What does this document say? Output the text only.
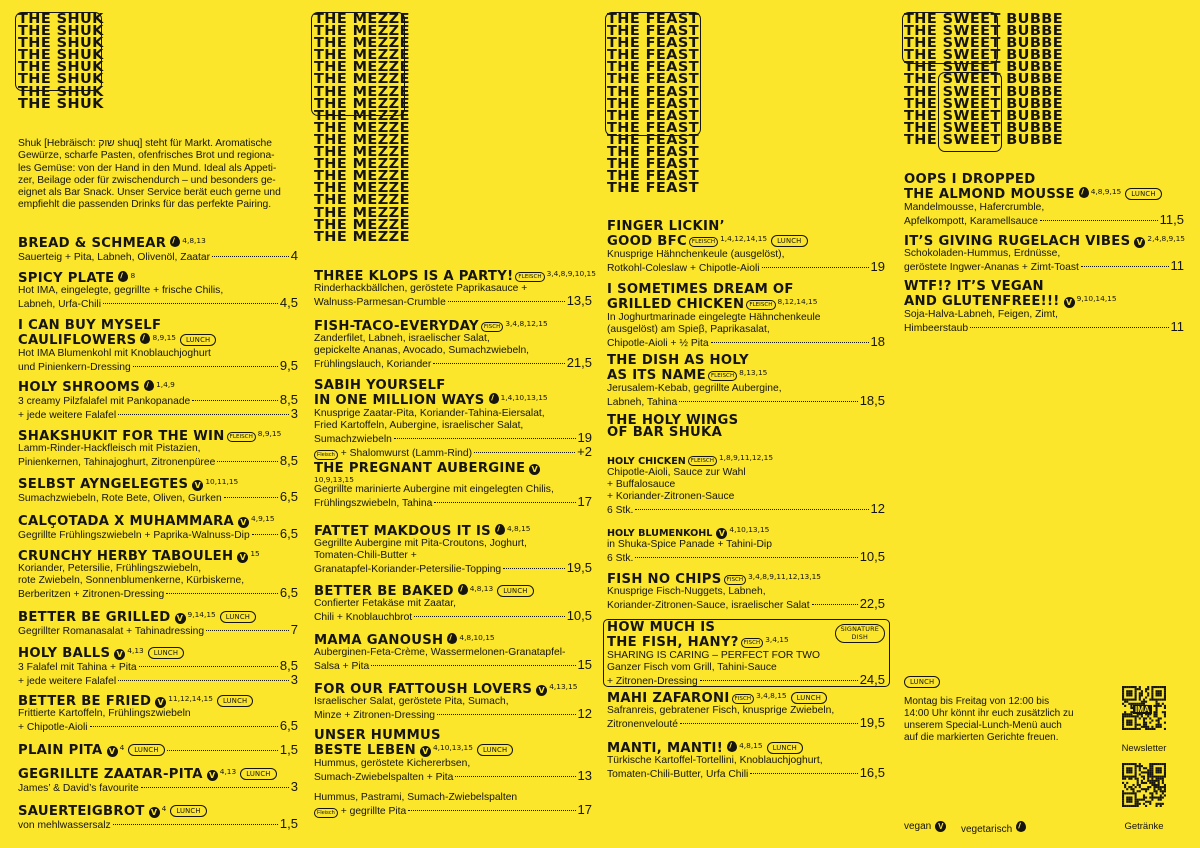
THE SHUK
THE SHUK
THE SHUK
THE SHUK
THE SHUK
THE SHUK
THE SHUK
THE SHUK
Shuk [Hebräisch: שוק shuq] steht für Markt. Aromatische
Gewürze, scharfe Pasten, ofenfrisches Brot und regiona-
les Gemüse: von der Hand in den Mund. Ideal als Appeti-
zer, Beilage oder für zwischendurch – und besonders ge-
eignet als Bar Snack. Unser Service berät euch gerne und
empfiehlt die passenden Drinks für das perfekte Pairing.
BREAD & SCHMEAR $^{4,8,13}$
Sauerteig + Pita, Labneh, Olivenöl, Zaatar	4
SPICY PLATE $^8$
Hot IMA, eingelegte, gegrillte + frische Chilis,
Labneh, Urfa-Chili	4,5
I CAN BUY MYSELF
CAULIFLOWERS $^{8,9,15}$ LUNCH
Hot IMA Blumenkohl mit Knoblauchjoghurt
und Pinienkern-Dressing	9,5
HOLY SHROOMS $^{1,4,9}$
3 creamy Pilzfalafel mit Pankopanade	8,5
+ jede weitere Falafel	3
SHAKSHUKIT FOR THE WIN FLEISCH $^{8,9,15}$
Lamm-Rinder-Hackfleisch mit Pistazien,
Pinienkernen, Tahinajoghurt, Zitronenpüree	8,5
SELBST AYNGELEGTES V $^{10,11,15}$
Sumachzwiebeln, Rote Bete, Oliven, Gurken	6,5
CALÇOTADA X MUHAMMARA V $^{4,9,15}$
Gegrillte Frühlingszwiebeln + Paprika-Walnuss-Dip 6,5
CRUNCHY HERBY TABOULEH V $^{15}$
Koriander, Petersilie, Frühlingszwiebeln,
rote Zwiebeln, Sonnenblumenkerne, Kürbiskerne,
Berberitzen + Zitronen-Dressing	6,5
BETTER BE GRILLED V $^{9,14,15}$ LUNCH
Gegrillter Romanasalat + Tahinadressing	7
HOLY BALLS V $^{4,13}$ LUNCH
3 Falafel mit Tahina + Pita	8,5
+ jede weitere Falafel	3
BETTER BE FRIED V $^{11,12,14,15}$ LUNCH
Frittierte Kartoffeln, Frühlingszwiebeln
+ Chipotle-Aioli	6,5
PLAIN PITA V $^4$ LUNCH	1,5
GEGRILLTE ZAATAR-PITA V $^{4,13}$ LUNCH
James’ & David’s favourite	3
SAUERTEIGBROT V $^4$ LUNCH
von mehlwassersalz	1,5
THE MEZZE
THE MEZZE
THE MEZZE
THE MEZZE
THE MEZZE
THE MEZZE
THE MEZZE
THE MEZZE
THE MEZZE
THE MEZZE
THE MEZZE
THE MEZZE
THE MEZZE
THE MEZZE
THE MEZZE
THE MEZZE
THE MEZZE
THE MEZZE
THE MEZZE
THREE KLOPS IS A PARTY! FLEISCH $^{3,4,8,9,10,15}$
Rinderhackbällchen, geröstete Paprikasauce +
Walnuss-Parmesan-Crumble	13,5
FISH-TACO-EVERYDAY FISCH $^{3,4,8,12,15}$
Zanderfilet, Labneh, israelischer Salat,
gepickelte Ananas, Avocado, Sumachzwiebeln,
Frühlingslauch, Koriander	21,5
SABIH YOURSELF
IN ONE MILLION WAYS $^{1,4,10,13,15}$
Knusprige Zaatar-Pita, Koriander-Tahina-Eiersalat,
Fried Kartoffeln, Aubergine, israelischer Salat,
Sumachzwiebeln	19
Fleisch + Shalomwurst (Lamm-Rind)	+2
THE PREGNANT AUBERGINE V
10,9,13,15
Gegrillte marinierte Aubergine mit eingelegten Chilis,
Frühlingszwiebeln, Tahina	17
FATTET MAKDOUS IT IS $^{4,8,15}$
Gegrillte Aubergine mit Pita-Croutons, Joghurt,
Tomaten-Chili-Butter +
Granatapfel-Koriander-Petersilie-Topping	19,5
BETTER BE BAKED $^{4,8,13}$ LUNCH
Confierter Fetakäse mit Zaatar,
Chili + Knoblauchbrot	10,5
MAMA GANOUSH $^{4,8,10,15}$
Auberginen-Feta-Crème, Wassermelonen-Granatapfel-
Salsa + Pita	15
FOR OUR FATTOUSH LOVERS V $^{4,13,15}$
Israelischer Salat, geröstete Pita, Sumach,
Minze + Zitronen-Dressing	12
UNSER HUMMUS
BESTE LEBEN V $^{4,10,13,15}$ LUNCH
Hummus, geröstete Kichererbsen,
Sumach-Zwiebelspalten + Pita	13
Hummus, Pastrami, Sumach-Zwiebelspalten
Fleisch + gegrillte Pita	17
THE FEAST
THE FEAST
THE FEAST
THE FEAST
THE FEAST
THE FEAST
THE FEAST
THE FEAST
THE FEAST
THE FEAST
THE FEAST
THE FEAST
THE FEAST
THE FEAST
THE FEAST
FINGER LICKIN’
GOOD BFC FLEISCH $^{1,4,12,14,15}$ LUNCH
Knusprige Hähnchenkeule (ausgelöst),
Rotkohl-Coleslaw + Chipotle-Aioli	19
I SOMETIMES DREAM OF
GRILLED CHICKEN FLEISCH $^{8,12,14,15}$
In Joghurtmarinade eingelegte Hähnchenkeule
(ausgelöst) am Spieβ, Paprikasalat,
Chipotle-Aioli + ½ Pita	18
THE DISH AS HOLY
AS ITS NAME FLEISCH $^{8,13,15}$
Jerusalem-Kebab, gegrillte Aubergine,
Labneh, Tahina	18,5
THE HOLY WINGS
OF BAR SHUKA
HOLY CHICKEN FLEISCH $^{1,8,9,11,12,15}$
Chipotle-Aioli, Sauce zur Wahl
+ Buffalosauce
+ Koriander-Zitronen-Sauce
6 Stk.	12
HOLY BLUMENKOHL V $^{4,10,13,15}$
in Shuka-Spice Panade + Tahini-Dip
6 Stk.	10,5
FISH NO CHIPS FISCH $^{3,4,8,9,11,12,13,15}$
Knusprige Fisch-Nuggets, Labneh,
Koriander-Zitronen-Sauce, israelischer Salat	22,5
HOW MUCH IS
THE FISH, HANY? FISCH $^{3,4,15}$
SIGNATURE
DISH
SHARING IS CARING – PERFECT FOR TWO
Ganzer Fisch vom Grill, Tahini-Sauce
+ Zitronen-Dressing	24,5
MAHI ZAFARONI FISCH $^{3,4,8,15}$ LUNCH
Safranreis, gebratener Fisch, knusprige Zwiebeln,
Zitronenvelouté	19,5
MANTI, MANTI! $^{4,8,15}$ LUNCH
Türkische Kartoffel-Tortellini, Knoblauchjoghurt,
Tomaten-Chili-Butter, Urfa Chili	16,5
THE SWEET BUBBE
THE SWEET BUBBE
THE SWEET BUBBE
THE SWEET BUBBE
THE SWEET BUBBE
THE SWEET BUBBE
THE SWEET BUBBE
THE SWEET BUBBE
THE SWEET BUBBE
THE SWEET BUBBE
THE SWEET BUBBE
OOPS I DROPPED
THE ALMOND MOUSSE $^{4,8,9,15}$ LUNCH
Mandelmousse, Hafercrumble,
Apfelkompott, Karamellsauce	11,5
IT’S GIVING RUGELACH VIBES V $^{2,4,8,9,15}$
Schokoladen-Hummus, Erdnüsse,
geröstete Ingwer-Ananas + Zimt-Toast	11
WTF!? IT’S VEGAN
AND GLUTENFREE!!! V $^{9,10,14,15}$
Soja-Halva-Labneh, Feigen, Zimt,
Himbeerstaub	11
LUNCH
Montag bis Freitag von 12:00 bis
14:00 Uhr könnt ihr euch zusätzlich zu
unserem Special-Lunch-Menü auch
auf die markierten Gerichte freuen.
IMA
Newsletter
Getränke
vegan V vegetarisch
